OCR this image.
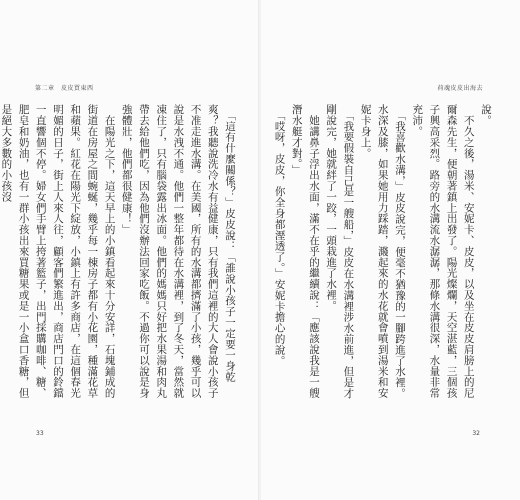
第二章　皮皮買東西

　「這有什麼關係？」皮皮說：「誰說小孩子一定要一身乾爽？我聽說洗冷水有益健康，只有我們這裡的大人會說小孩子不准走進水溝。在美國，所有的水溝都擠滿了小孩，幾乎可以說是水洩不通。他們一整年都待在水溝裡，到了冬天，當然就凍住了，只有腦袋露出冰面。他們的媽媽只好把水果湯和肉丸帶去給他們吃，因為他們沒辦法回家吃飯。不過你可以說是身強體壯，他們都很健康！」

　在陽光之下，這天早上的小鎮看起來十分安詳，石塊鋪成的街道在房屋之間蜿蜒，幾乎每一棟房子都有小花園，種滿花草和蘋果。紅花在陽光下綻放，小鎮上有許多商店，在這個春光明媚的日子，街上人來人往，顧客們繁進出，商店門口的鈴鐺一直響個不停。婦女們手臂上挎著籃子，出門採購咖啡、糖、肥皂和奶油，也有一群小孩出來買糖果或是一小盒口香糖，但是絕大多數的小孩沒

33
荷魂皮皮出海去
32

說。

　不久之後，湯米、安妮卡、皮皮，以及坐在皮皮肩膀上的尼爾森先生，便朝著鎮上出發了。陽光燦爛，天空湛藍，三個孩子興高采烈。路旁的水溝流水潺潺，那條水溝很深，水量非常充沛。

　「我喜歡水溝，」皮皮說完，便毫不猶豫的一腳跨進了水裡。水深及膝，如果她用力踩踏，濺起來的水花就會噴到湯米和安妮卡身上。

　「我要假裝自己是一艘船，」皮皮在水溝裡涉水前進，但是才剛說完，她就絆了一跤，一頭栽進了水裡。

　她講鼻子浮出水面，滿不在乎的繼續說：「應該說我是一艘潛水艇才對。」

　「哎呀，皮皮，你全身都溼透了。」安妮卡擔心的說。
